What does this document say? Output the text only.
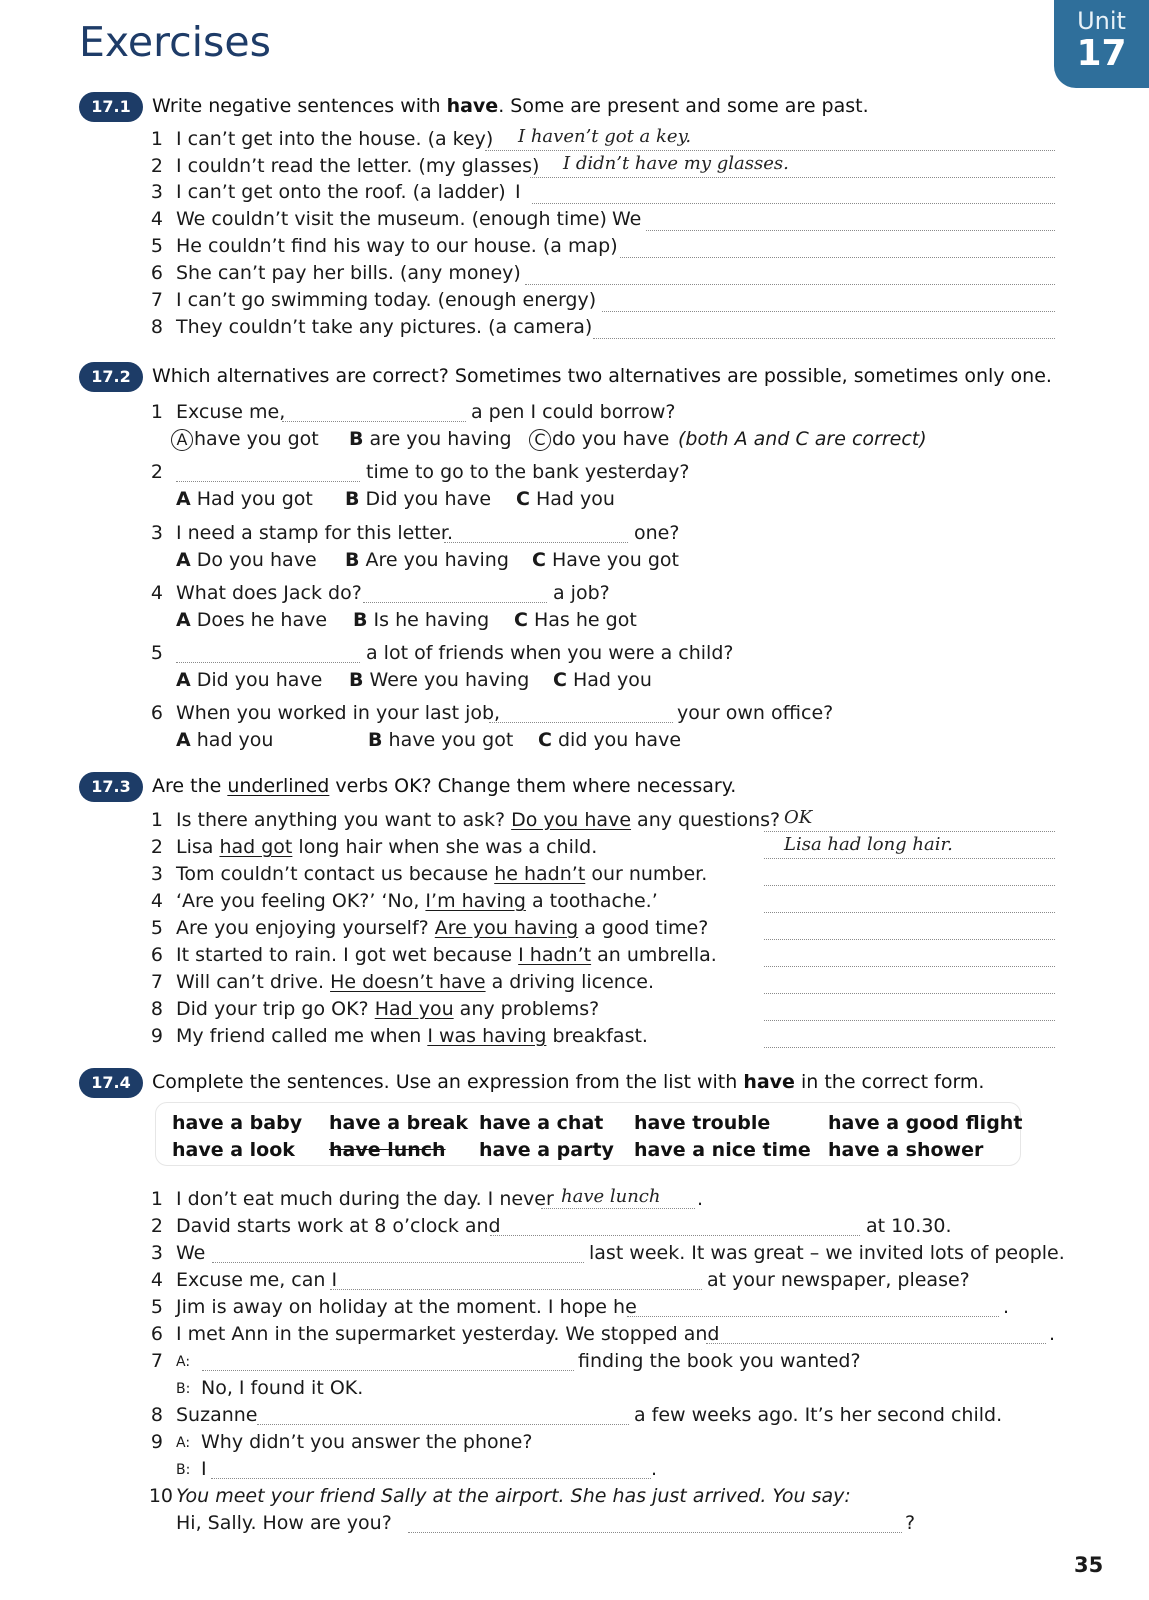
Exercises	Unit
17
17.1	Write negative sentences with have. Some are present and some are past.
1 I can’t get into the house. (a key) I haven’t got a key.
2 I couldn’t read the letter. (my glasses) I didn’t have my glasses.
3 I can’t get onto the roof. (a ladder) I
4 We couldn’t visit the museum. (enough time) We
5 He couldn’t find his way to our house. (a map)
6 She can’t pay her bills. (any money)
7 I can’t go swimming today. (enough energy)
8 They couldn’t take any pictures. (a camera)
17.2	Which alternatives are correct? Sometimes two alternatives are possible, sometimes only one.
1 Excuse me,	a pen I could borrow?
A have you got B are you having	C do you have (both A and C are correct)
2	time to go to the bank yesterday?
A Had you got B Did you have C Had you
3 I need a stamp for this letter.	one?
A Do you have B Are you having C Have you got
4 What does Jack do?	a job?
A Does he have B Is he having C Has he got
5	a lot of friends when you were a child?
A Did you have B Were you having C Had you
6 When you worked in your last job,	your own office?
A had you	B have you got C did you have
17.3	Are the underlined verbs OK? Change them where necessary.
1 Is there anything you want to ask? Do you have any questions? OK
2 Lisa had got long hair when she was a child.	Lisa had long hair.
3 Tom couldn’t contact us because he hadn’t our number.
4 ‘Are you feeling OK?’ ‘No, I’m having a toothache.’
5 Are you enjoying yourself? Are you having a good time?
6 It started to rain. I got wet because I hadn’t an umbrella.
7 Will can’t drive. He doesn’t have a driving licence.
8 Did your trip go OK? Had you any problems?
9 My friend called me when I was having breakfast.
17.4	Complete the sentences. Use an expression from the list with have in the correct form.
have a baby have a break have a chat have trouble	have a good flight
have a look have lunch have a party have a nice time have a shower
1 I don’t eat much during the day. I never have lunch .
2 David starts work at 8 o’clock and	at 10.30.
3 We	last week. It was great – we invited lots of people.
4 Excuse me, can I	at your newspaper, please?
5 Jim is away on holiday at the moment. I hope he	.
6 I met Ann in the supermarket yesterday. We stopped and	.
7 A:	finding the book you wanted?
B: No, I found it OK.
8 Suzanne	a few weeks ago. It’s her second child.
9 A: Why didn’t you answer the phone?
B: I	.
10 You meet your friend Sally at the airport. She has just arrived. You say:
Hi, Sally. How are you?	?
35
